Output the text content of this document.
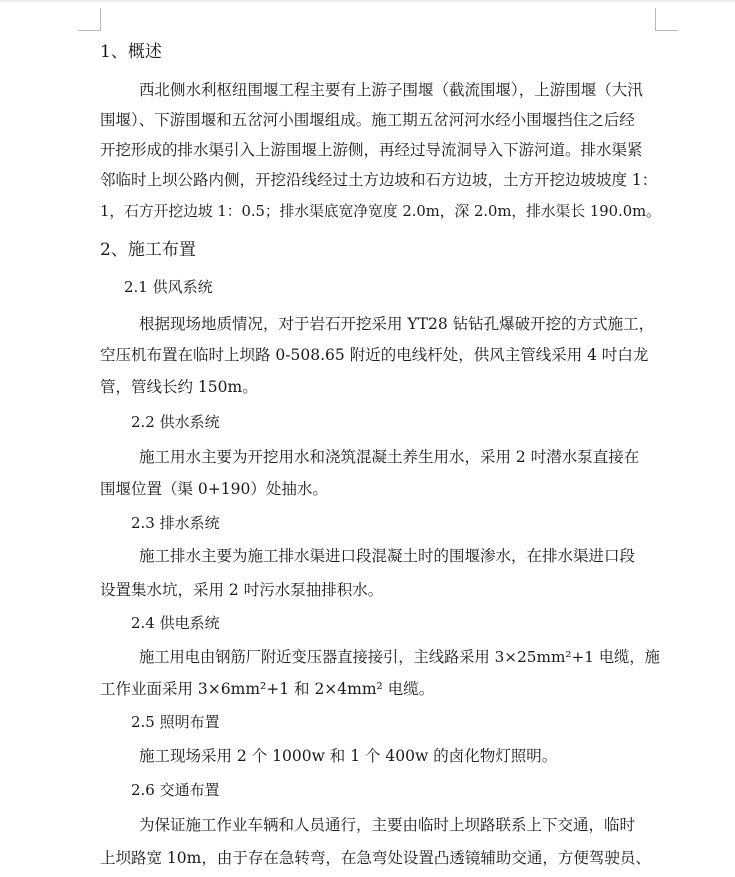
1、概述
西北侧水利枢纽围堰工程主要有上游子围堰（截流围堰），上游围堰（大汛
围堰）、下游围堰和五岔河小围堰组成。施工期五岔河河水经小围堰挡住之后经
开挖形成的排水渠引入上游围堰上游侧，再经过导流洞导入下游河道。排水渠紧
邻临时上坝公路内侧，开挖沿线经过土方边坡和石方边坡，土方开挖边坡坡度 1：
1，石方开挖边坡 1：0.5；排水渠底宽净宽度 2.0m，深 2.0m，排水渠长 190.0m。
2、施工布置
2.1 供风系统
根据现场地质情况，对于岩石开挖采用 YT28 钻钻孔爆破开挖的方式施工，
空压机布置在临时上坝路 0-508.65 附近的电线杆处，供风主管线采用 4 吋白龙
管，管线长约 150m。
2.2 供水系统
施工用水主要为开挖用水和浇筑混凝土养生用水，采用 2 吋潜水泵直接在
围堰位置（渠 0+190）处抽水。
2.3 排水系统
施工排水主要为施工排水渠进口段混凝土时的围堰渗水，在排水渠进口段
设置集水坑，采用 2 吋污水泵抽排积水。
2.4 供电系统
施工用电由钢筋厂附近变压器直接接引，主线路采用 3×25mm²+1 电缆，施
工作业面采用 3×6mm²+1 和 2×4mm² 电缆。
2.5 照明布置
施工现场采用 2 个 1000w 和 1 个 400w 的卤化物灯照明。
2.6 交通布置
为保证施工作业车辆和人员通行，主要由临时上坝路联系上下交通，临时
上坝路宽 10m，由于存在急转弯，在急弯处设置凸透镜辅助交通，方便驾驶员、
